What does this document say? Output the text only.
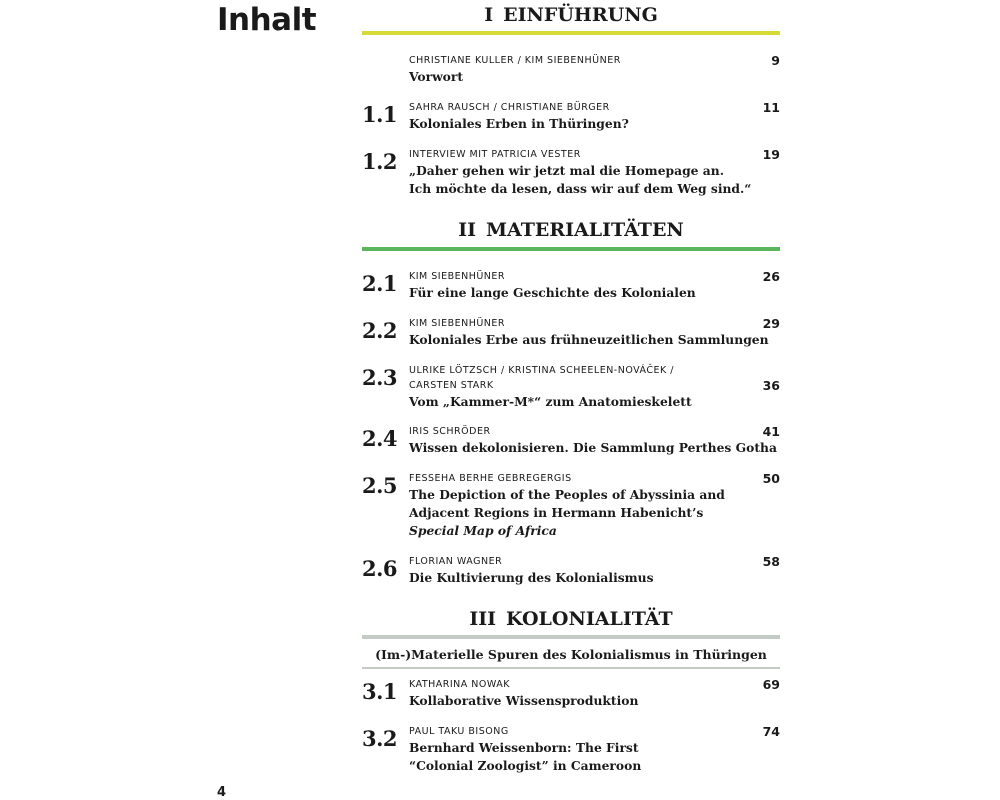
Inhalt	I EINFÜHRUNG
9
CHRISTIANE KULLER / KIM SIEBENHÜNER
Vorwort
1.1	11
SAHRA RAUSCH / CHRISTIANE BÜRGER
Koloniales Erben in Thüringen?
1.2	19
INTERVIEW MIT PATRICIA VESTER
„Daher gehen wir jetzt mal die Homepage an.
Ich möchte da lesen, dass wir auf dem Weg sind.“
II MATERIALITÄTEN
2.1	26
KIM SIEBENHÜNER
Für eine lange Geschichte des Kolonialen
2.2	29
KIM SIEBENHÜNER
Koloniales Erbe aus frühneuzeitlichen Sammlungen
2.3	36
ULRIKE LÖTZSCH / KRISTINA SCHEELEN-NOVÁČEK /
CARSTEN STARK
Vom „Kammer-M*“ zum Anatomieskelett
2.4	41
IRIS SCHRÖDER
Wissen dekolonisieren. Die Sammlung Perthes Gotha
2.5	50
FESSEHA BERHE GEBREGERGIS
The Depiction of the Peoples of Abyssinia and
Adjacent Regions in Hermann Habenicht’s
Special Map of Africa
2.6	58
FLORIAN WAGNER
Die Kultivierung des Kolonialismus
III KOLONIALITÄT
(Im-)Materielle Spuren des Kolonialismus in Thüringen
3.1	69
KATHARINA NOWAK
Kollaborative Wissensproduktion
3.2	74
PAUL TAKU BISONG
Bernhard Weissenborn: The First
“Colonial Zoologist” in Cameroon
4
